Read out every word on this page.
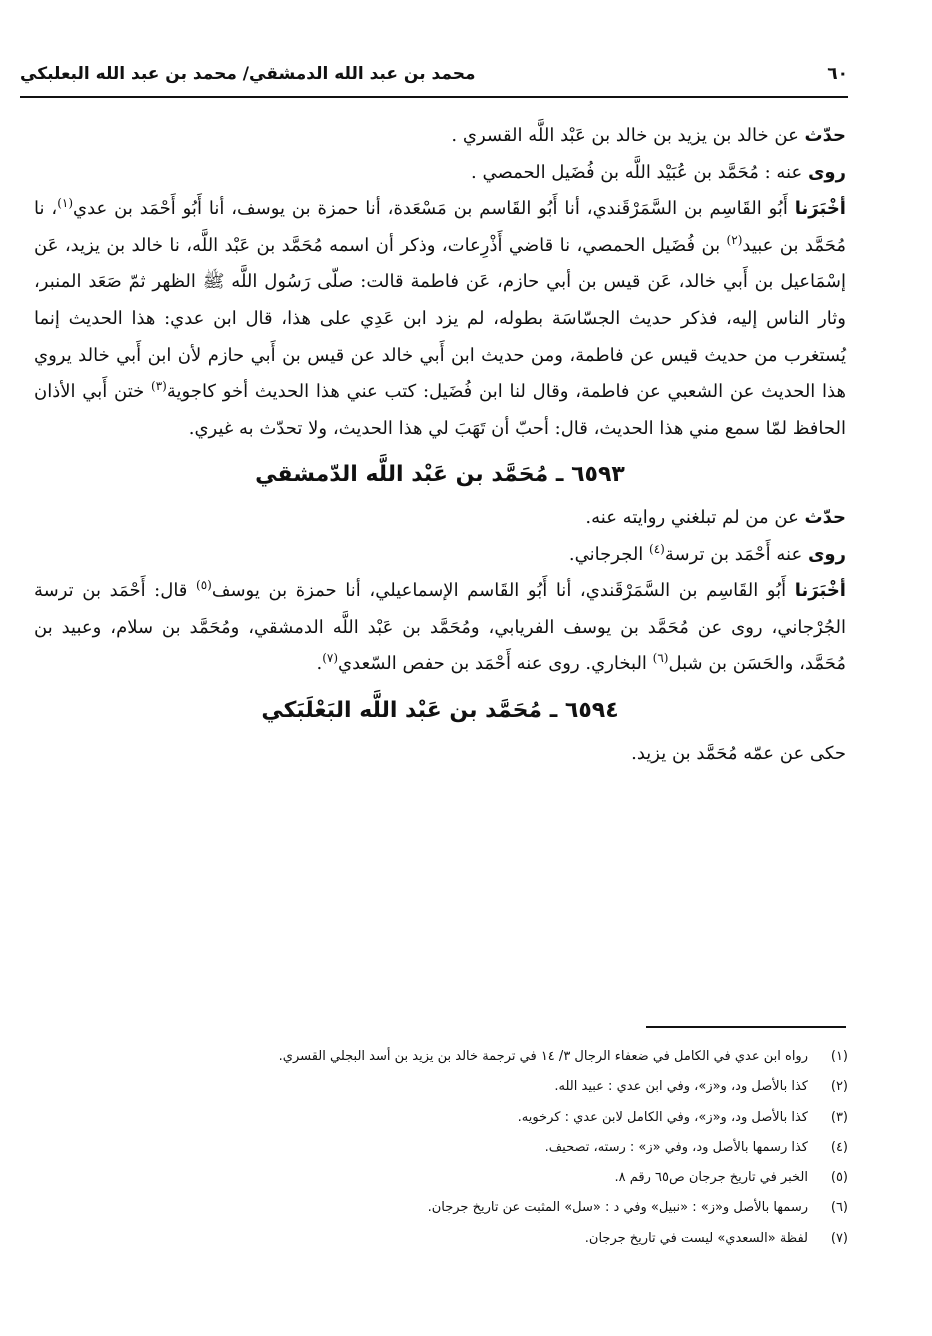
٦٠
محمد بن عبد الله الدمشقي/ محمد بن عبد الله البعلبكي

حدّث عن خالد بن يزيد بن خالد بن عَبْد اللَّه القسري .

روى عنه : مُحَمَّد بن عُبَيْد اللَّه بن فُضَيل الحمصي .

أخْبَرَنا أَبُو القَاسِم بن السَّمَرْقَندي، أنا أَبُو القَاسم بن مَسْعَدة، أنا حمزة بن يوسف، أنا أَبُو أَحْمَد بن عدي$^{(١)}$، نا مُحَمَّد بن عبيد$^{(٢)}$ بن فُضَيل الحمصي، نا قاضي أَذْرِعات، وذكر أن اسمه مُحَمَّد بن عَبْد اللَّه، نا خالد بن يزيد، عَن إسْمَاعيل بن أَبي خالد، عَن قيس بن أبي حازم، عَن فاطمة قالت: صلّى رَسُول اللَّه ﷺ الظهر ثمّ صَعَد المنبر، وثار الناس إليه، فذكر حديث الجسّاسَة بطوله، لم يزد ابن عَدِي على هذا، قال ابن عدي: هذا الحديث إنما يُستغرب من حديث قيس عن فاطمة، ومن حديث ابن أَبي خالد عن قيس بن أَبي حازم لأن ابن أَبي خالد يروي هذا الحديث عن الشعبي عن فاطمة، وقال لنا ابن فُضَيل: كتب عني هذا الحديث أخو كاجوية$^{(٣)}$ ختن أَبي الأذان الحافظ لمّا سمع مني هذا الحديث، قال: أحبّ أن تَهَبَ لي هذا الحديث، ولا تحدّث به غيري.

٦٥٩٣ ـ مُحَمَّد بن عَبْد اللَّه الدّمشقي

حدّث عن من لم تبلغني روايته عنه.

روى عنه أَحْمَد بن ترسة$^{(٤)}$ الجرجاني.

أخْبَرَنا أَبُو القَاسِم بن السَّمَرْقَندي، أنا أَبُو القَاسم الإسماعيلي، أنا حمزة بن يوسف$^{(٥)}$ قال: أَحْمَد بن ترسة الجُرْجاني، روى عن مُحَمَّد بن يوسف الفريابي، ومُحَمَّد بن عَبْد اللَّه الدمشقي، ومُحَمَّد بن سلام، وعبيد بن مُحَمَّد، والحَسَن بن شبل$^{(٦)}$ البخاري. روى عنه أَحْمَد بن حفص السّعدي$^{(٧)}$.

٦٥٩٤ ـ مُحَمَّد بن عَبْد اللَّه البَعْلَبَكي

حكى عن عمّه مُحَمَّد بن يزيد.

(١)
رواه ابن عدي في الكامل في ضعفاء الرجال ٣/ ١٤ في ترجمة خالد بن يزيد بن أسد البجلي القسري.
(٢)
كذا بالأصل ود، و«ز»، وفي ابن عدي : عبيد الله.
(٣)
كذا بالأصل ود، و«ز»، وفي الكامل لابن عدي : كرخويه.
(٤)
كذا رسمها بالأصل ود، وفي «ز» : رسته، تصحيف.
(٥)
الخبر في تاريخ جرجان ص٦٥ رقم ٨.
(٦)
رسمها بالأصل و«ز» : «نبيل» وفي د : «سل» المثبت عن تاريخ جرجان.
(٧)
لفظة «السعدي» ليست في تاريخ جرجان.
